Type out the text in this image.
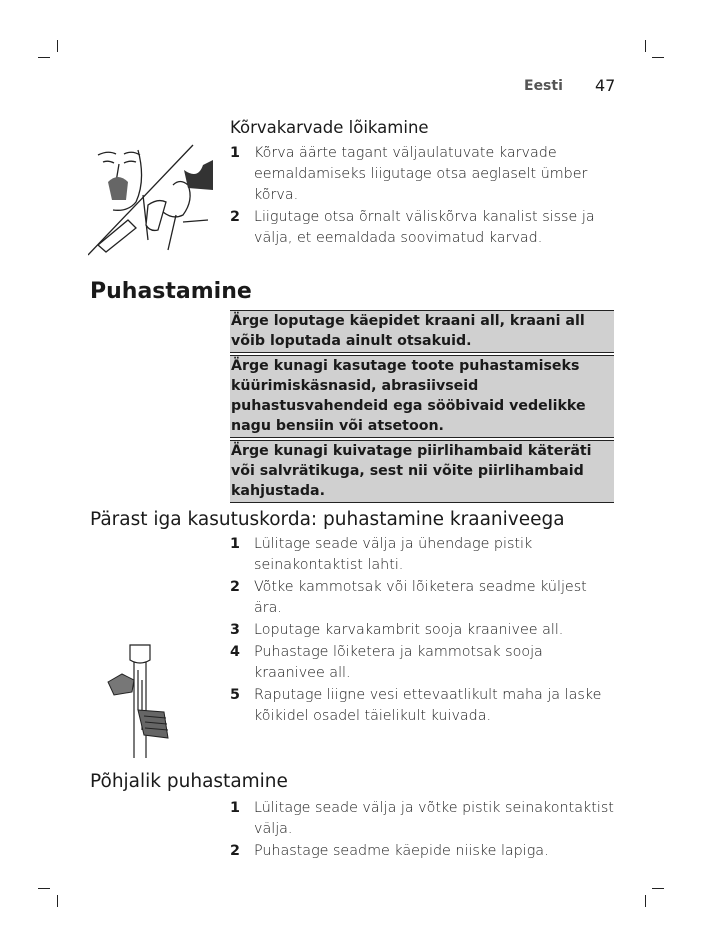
Eesti 47
Kõrvakarvade lõikamine
1 Kõrva äärte tagant väljaulatuvate karvade eemaldamiseks liigutage otsa aeglaselt ümber kõrva.
2 Liigutage otsa õrnalt väliskõrva kanalist sisse ja välja, et eemaldada soovimatud karvad.
Puhastamine
Ärge loputage käepidet kraani all, kraani all võib loputada ainult otsakuid.
Ärge kunagi kasutage toote puhastamiseks küürimiskäsnasid, abrasiivseid puhastusvahendeid ega sööbivaid vedelikke nagu bensiin või atsetoon.
Ärge kunagi kuivatage piirlihambaid käteräti või salvrätikuga, sest nii võite piirlihambaid kahjustada.
Pärast iga kasutuskorda: puhastamine kraaniveega
1 Lülitage seade välja ja ühendage pistik seinakontaktist lahti.
2 Võtke kammotsak või lõiketera seadme küljest ära.
3 Loputage karvakambrit sooja kraanivee all.
4 Puhastage lõiketera ja kammotsak sooja kraanivee all.
5 Raputage liigne vesi ettevaatlikult maha ja laske kõikidel osadel täielikult kuivada.
Põhjalik puhastamine
1 Lülitage seade välja ja võtke pistik seinakontaktist välja.
2 Puhastage seadme käepide niiske lapiga.
